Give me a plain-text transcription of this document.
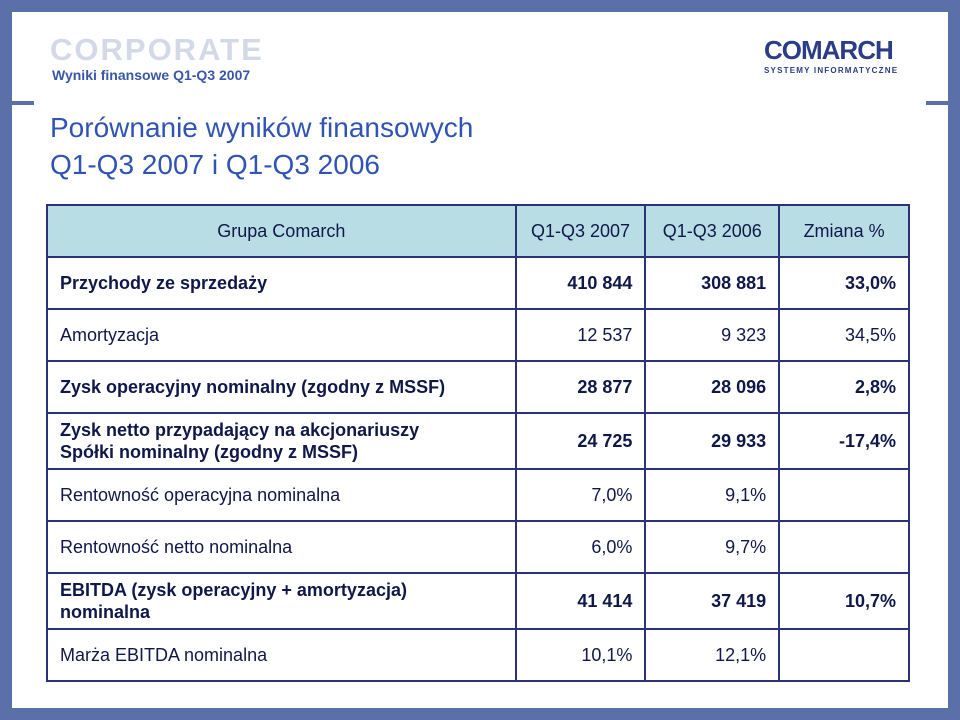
CORPORATE
Wyniki finansowe Q1-Q3 2007
COMARCH
SYSTEMY INFORMATYCZNE
Porównanie wyników finansowych
Q1-Q3 2007 i Q1-Q3 2006
Grupa Comarch	Q1-Q3 2007	Q1-Q3 2006	Zmiana %
Przychody ze sprzedaży	410 844	308 881	33,0%
Amortyzacja	12 537	9 323	34,5%
Zysk operacyjny nominalny (zgodny z MSSF)	28 877	28 096	2,8%

Zysk netto przypadający na akcjonariuszy
Spółki nominalny (zgodny z MSSF)	24 725	29 933	-17,4%
Rentowność operacyjna nominalna	7,0%	9,1%	
Rentowność netto nominalna	6,0%	9,7%	

EBITDA (zysk operacyjny + amortyzacja)
nominalna	41 414	37 419	10,7%
Marża EBITDA nominalna	10,1%	12,1%	
